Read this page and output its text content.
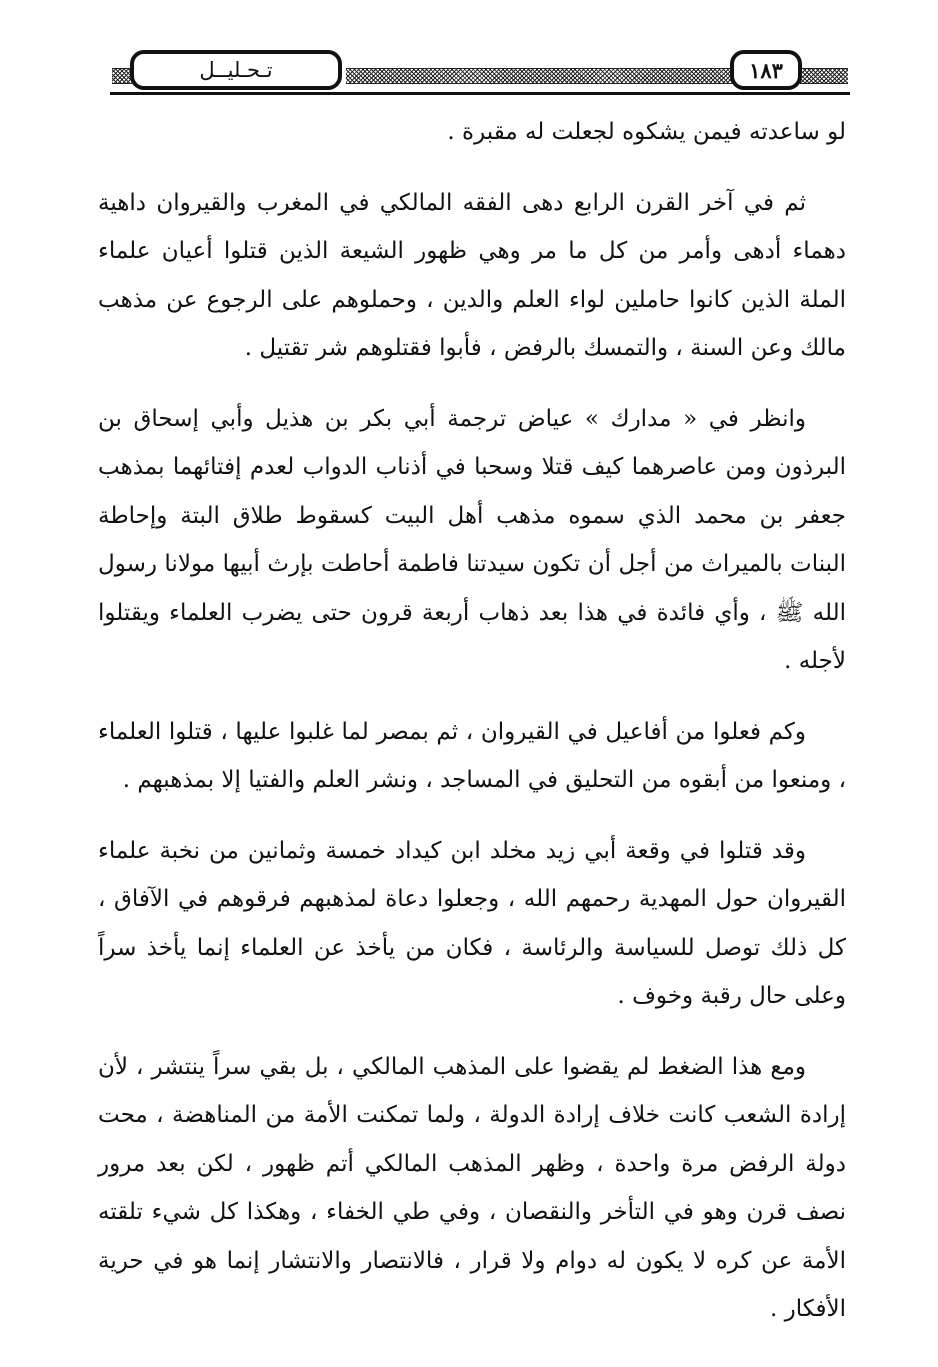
تـحـليــل	١٨٣

لو ساعدته فيمن يشكوه لجعلت له مقبرة .

ثم في آخر القرن الرابع دهى الفقه المالكي في المغرب والقيروان داهية دهماء أدهى وأمر من كل ما مر وهي ظهور الشيعة الذين قتلوا أعيان علماء الملة الذين كانوا حاملين لواء العلم والدين ، وحملوهم على الرجوع عن مذهب مالك وعن السنة ، والتمسك بالرفض ، فأبوا فقتلوهم شر تقتيل .

وانظر في « مدارك » عياض ترجمة أبي بكر بن هذيل وأبي إسحاق بن البرذون ومن عاصرهما كيف قتلا وسحبا في أذناب الدواب لعدم إفتائهما بمذهب جعفر بن محمد الذي سموه مذهب أهل البيت كسقوط طلاق البتة وإحاطة البنات بالميراث من أجل أن تكون سيدتنا فاطمة أحاطت بإرث أبيها مولانا رسول الله ﷺ ، وأي فائدة في هذا بعد ذهاب أربعة قرون حتى يضرب العلماء ويقتلوا لأجله .

وكم فعلوا من أفاعيل في القيروان ، ثم بمصر لما غلبوا عليها ، قتلوا العلماء ، ومنعوا من أبقوه من التحليق في المساجد ، ونشر العلم والفتيا إلا بمذهبهم .

وقد قتلوا في وقعة أبي زيد مخلد ابن كيداد خمسة وثمانين من نخبة علماء القيروان حول المهدية رحمهم الله ، وجعلوا دعاة لمذهبهم فرقوهم في الآفاق ، كل ذلك توصل للسياسة والرئاسة ، فكان من يأخذ عن العلماء إنما يأخذ سراً وعلى حال رقبة وخوف .

ومع هذا الضغط لم يقضوا على المذهب المالكي ، بل بقي سراً ينتشر ، لأن إرادة الشعب كانت خلاف إرادة الدولة ، ولما تمكنت الأمة من المناهضة ، محت دولة الرفض مرة واحدة ، وظهر المذهب المالكي أتم ظهور ، لكن بعد مرور نصف قرن وهو في التأخر والنقصان ، وفي طي الخفاء ، وهكذا كل شيء تلقته الأمة عن كره لا يكون له دوام ولا قرار ، فالانتصار والانتشار إنما هو في حرية الأفكار .
